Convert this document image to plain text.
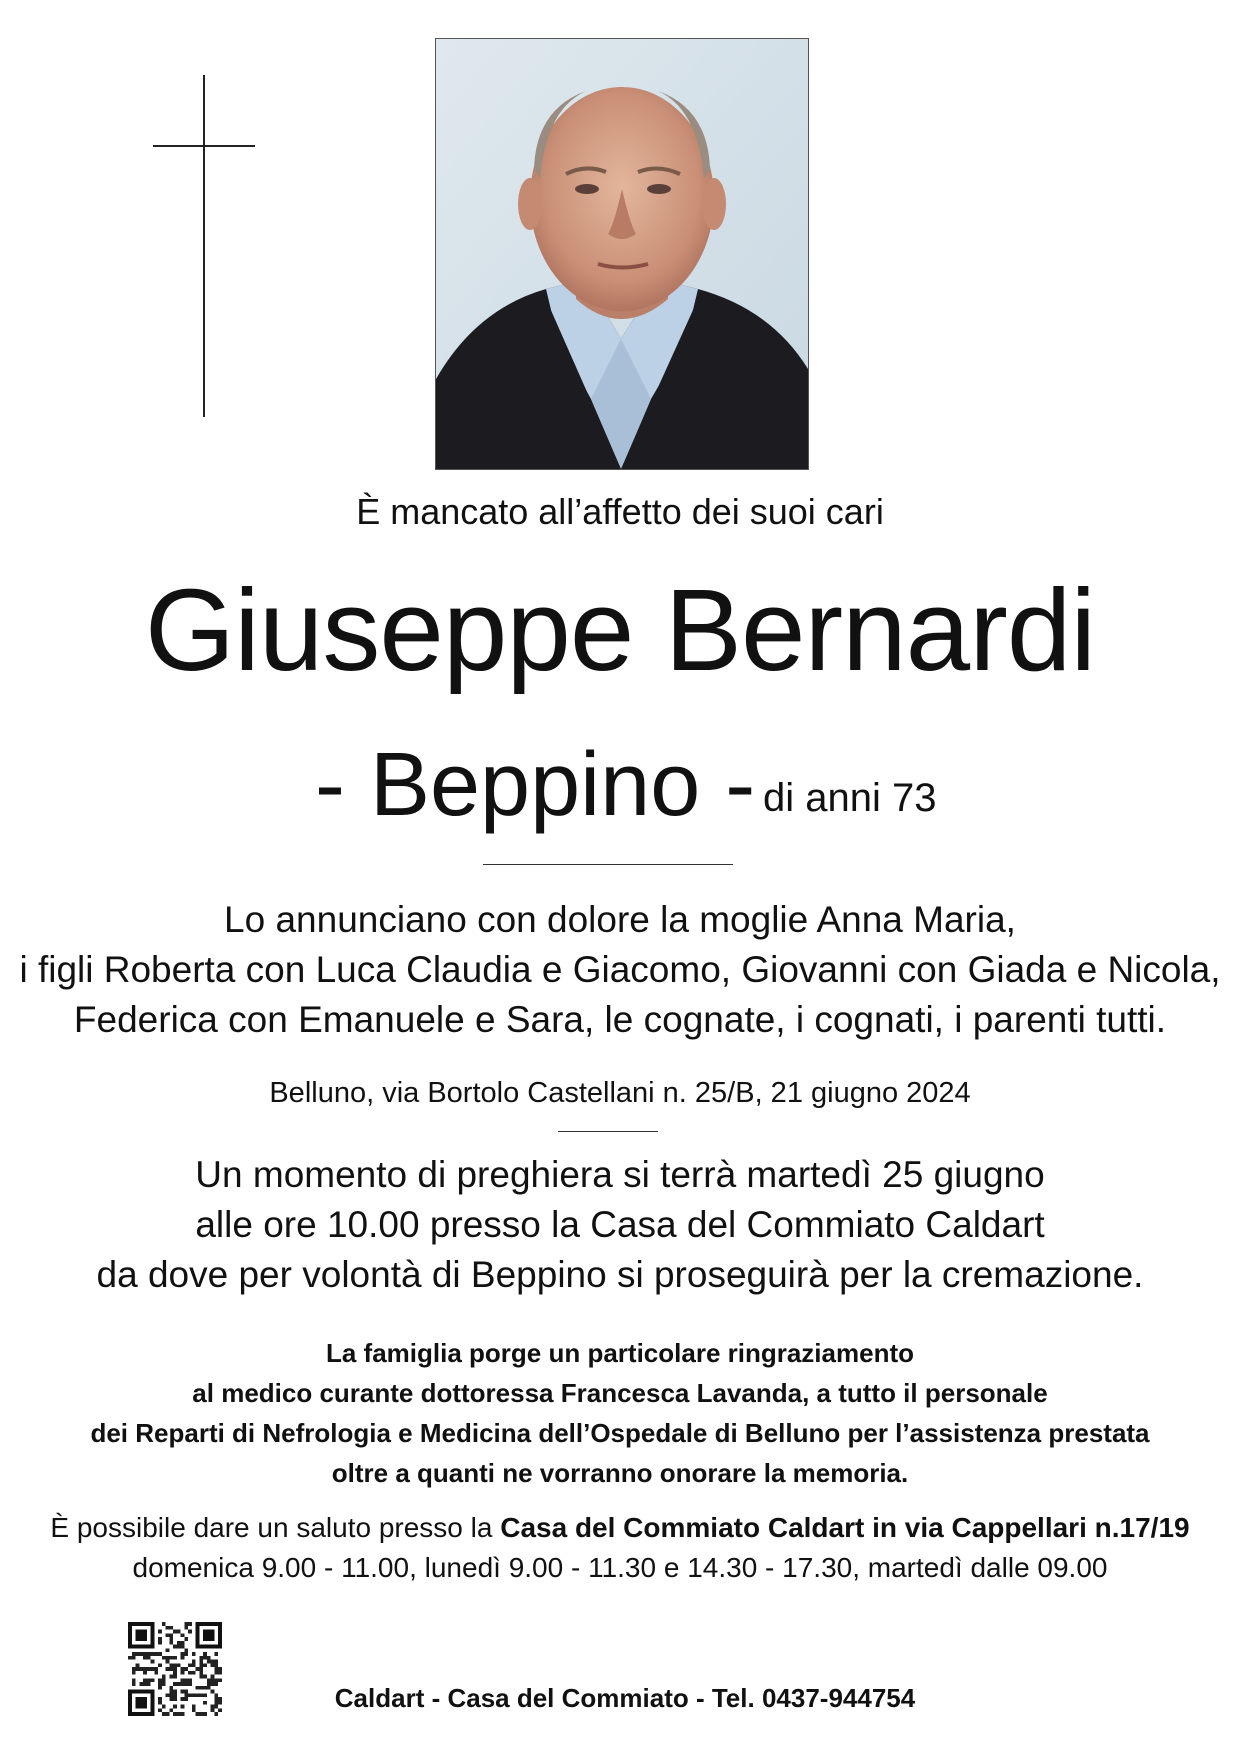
È mancato all’affetto dei suoi cari
Giuseppe Bernardi
- Beppino - di anni 73
Lo annunciano con dolore la moglie Anna Maria,
i figli Roberta con Luca Claudia e Giacomo, Giovanni con Giada e Nicola,
Federica con Emanuele e Sara, le cognate, i cognati, i parenti tutti.
Belluno, via Bortolo Castellani n. 25/B, 21 giugno 2024
Un momento di preghiera si terrà martedì 25 giugno
alle ore 10.00 presso la Casa del Commiato Caldart
da dove per volontà di Beppino si proseguirà per la cremazione.
La famiglia porge un particolare ringraziamento
al medico curante dottoressa Francesca Lavanda, a tutto il personale
dei Reparti di Nefrologia e Medicina dell’Ospedale di Belluno per l’assistenza prestata
oltre a quanti ne vorranno onorare la memoria.
È possibile dare un saluto presso la Casa del Commiato Caldart in via Cappellari n.17/19
domenica 9.00 - 11.00, lunedì 9.00 - 11.30 e 14.30 - 17.30, martedì dalle 09.00
Caldart - Casa del Commiato - Tel. 0437-944754
